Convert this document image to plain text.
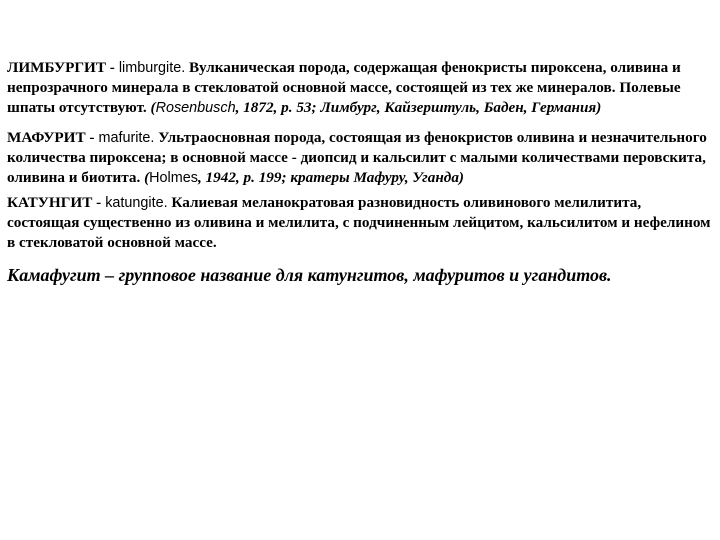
ЛИМБУРГИТ - limburgite. Вулканическая порода, содержащая фенокристы пироксена, оливина и непрозрачного минерала в стекловатой основной массе, состоящей из тех же минералов. Полевые шпаты отсутствуют. (Rosenbusch, 1872, р. 53; Лимбург, Кайзерштуль, Баден, Германия)

МАФУРИТ - mafurite. Ультраосновная порода, состоящая из фенокристов оливина и незначительного количества пироксена; в основной массе - диопсид и кальсилит с малыми количествами перовскита, оливина и биотита. (Holmes, 1942, р. 199; кратеры Мафуру, Уганда)

КАТУНГИТ - katungite. Калиевая меланократовая разновидность оливинового мелилитита, состоящая существенно из оливина и мелилита, с подчиненным лейцитом, кальсилитом и нефелином в стекловатой основной массе.

Камафугит – групповое название для катунгитов, мафуритов и угандитов.
